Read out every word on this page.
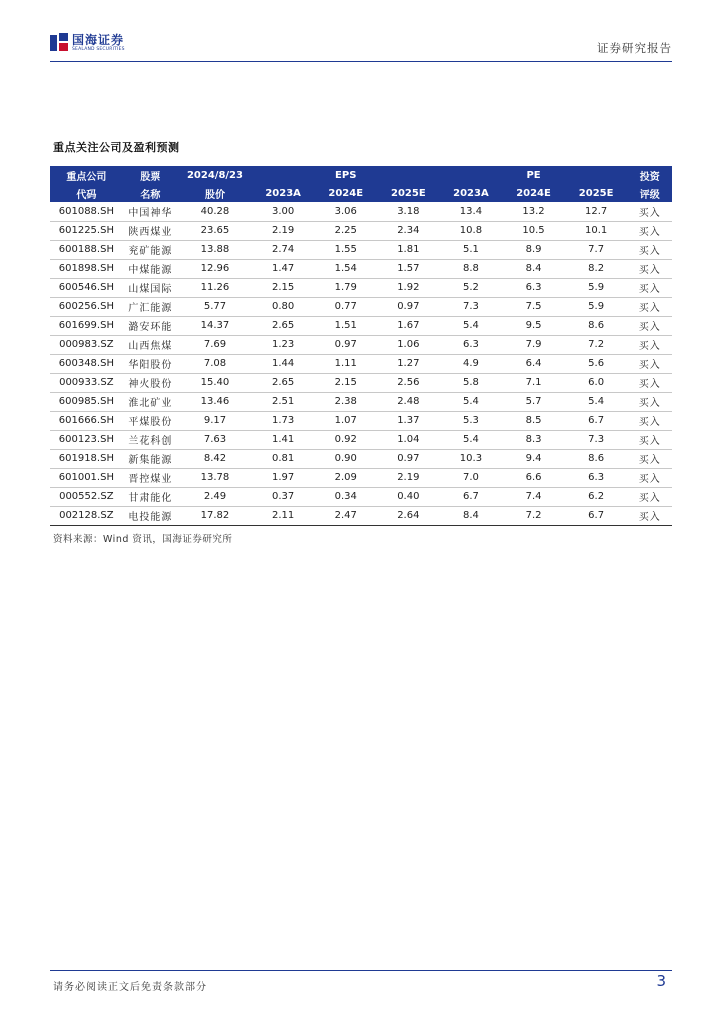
国海证券
SEALAND SECURITIES	证券研究报告
重点关注公司及盈利预测
重点公司	股票	2024/8/23		EPS			PE		投资
代码	名称	股价	2023A	2024E	2025E	2023A	2024E	2025E	评级
601088.SH	中国神华	40.28	3.00	3.06	3.18	13.4	13.2	12.7	买入
601225.SH	陕西煤业	23.65	2.19	2.25	2.34	10.8	10.5	10.1	买入
600188.SH	兖矿能源	13.88	2.74	1.55	1.81	5.1	8.9	7.7	买入
601898.SH	中煤能源	12.96	1.47	1.54	1.57	8.8	8.4	8.2	买入
600546.SH	山煤国际	11.26	2.15	1.79	1.92	5.2	6.3	5.9	买入
600256.SH	广汇能源	5.77	0.80	0.77	0.97	7.3	7.5	5.9	买入
601699.SH	潞安环能	14.37	2.65	1.51	1.67	5.4	9.5	8.6	买入
000983.SZ	山西焦煤	7.69	1.23	0.97	1.06	6.3	7.9	7.2	买入
600348.SH	华阳股份	7.08	1.44	1.11	1.27	4.9	6.4	5.6	买入
000933.SZ	神火股份	15.40	2.65	2.15	2.56	5.8	7.1	6.0	买入
600985.SH	淮北矿业	13.46	2.51	2.38	2.48	5.4	5.7	5.4	买入
601666.SH	平煤股份	9.17	1.73	1.07	1.37	5.3	8.5	6.7	买入
600123.SH	兰花科创	7.63	1.41	0.92	1.04	5.4	8.3	7.3	买入
601918.SH	新集能源	8.42	0.81	0.90	0.97	10.3	9.4	8.6	买入
601001.SH	晋控煤业	13.78	1.97	2.09	2.19	7.0	6.6	6.3	买入
000552.SZ	甘肃能化	2.49	0.37	0.34	0.40	6.7	7.4	6.2	买入
002128.SZ	电投能源	17.82	2.11	2.47	2.64	8.4	7.2	6.7	买入
资料来源：Wind 资讯，国海证券研究所
请务必阅读正文后免责条款部分	3
